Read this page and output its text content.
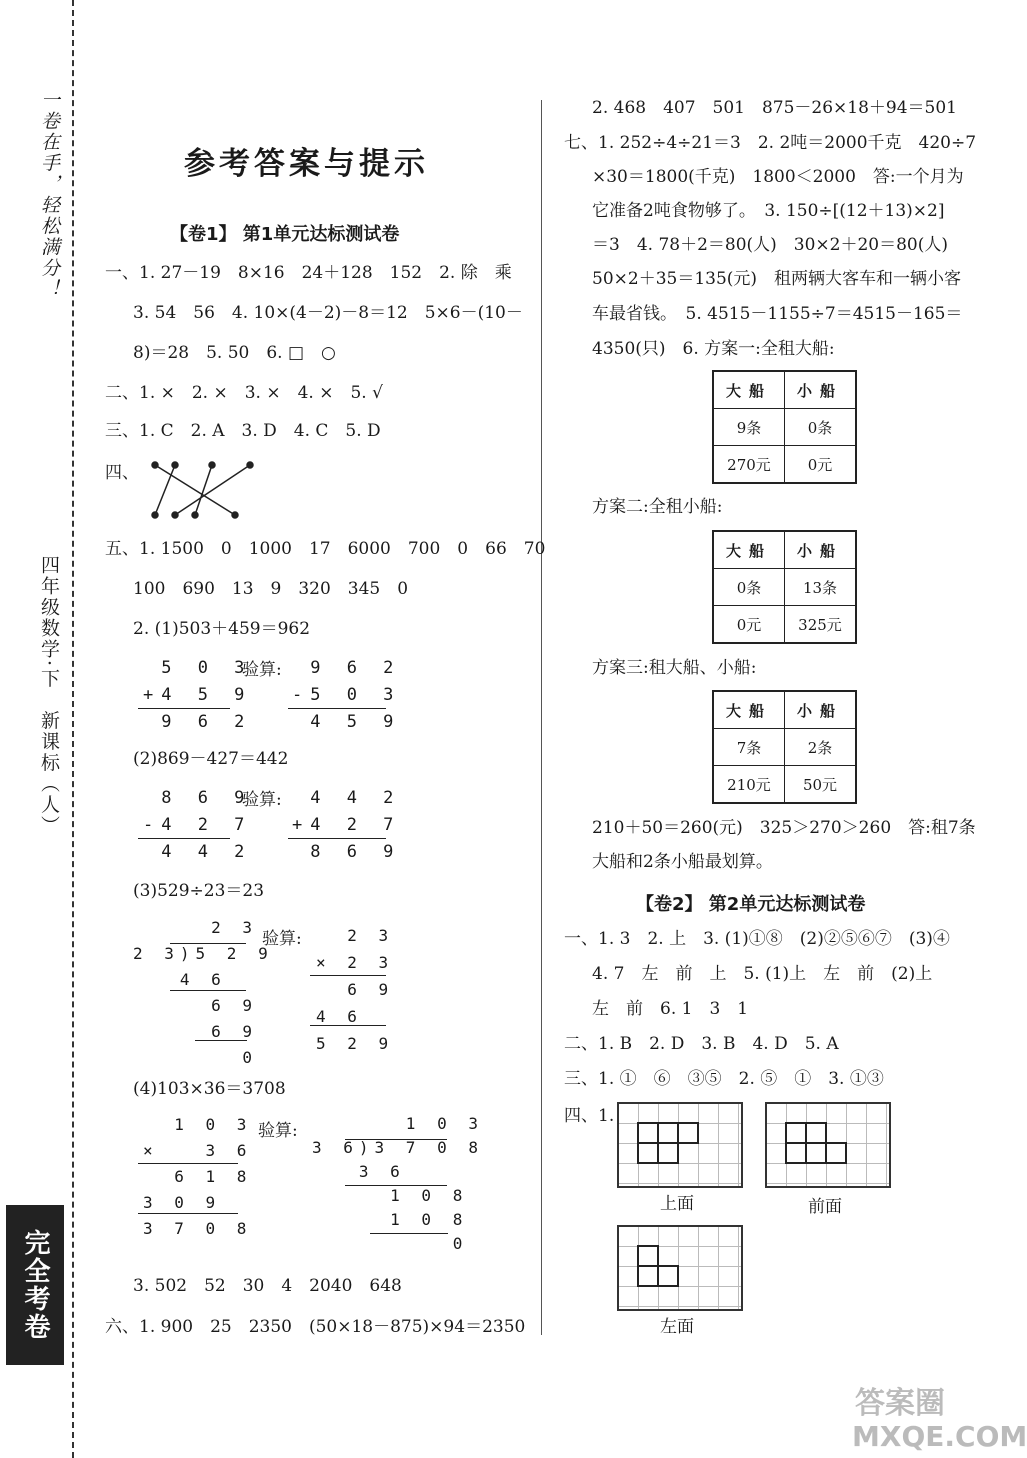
一卷在手，轻松满分！
四年级数学·下　新课标（人）
完全考卷
参考答案与提示
【卷1】 第1单元达标测试卷
一、1. 27－19　8×16　24＋128　152　2. 除　乘
3. 54　56　4. 10×(4－2)－8＝12　5×6－(10－
8)＝28　5. 50　6. □　○
二、1. ×　2. ×　3. ×　4. ×　5. √
三、1. C　2. A　3. D　4. C　5. D
四、
五、1. 1500　0　1000　17　6000　700　0　66　70
100　690　13　9　320　345　0
2. (1)503＋459＝962
5 0 3
+4 5 9
9 6 2
验算:	9 6 2
-5 0 3
4 5 9
(2)869－427＝442
8 6 9
-4 2 7
4 4 2
验算:	4 4 2
+4 2 7
8 6 9
(3)529÷23＝23
2 3
2 3)5 2 9
4 6
6 9
6 9
0
验算:	2 3
× 2 3
6 9
4 6
5 2 9
(4)103×36＝3708
1 0 3
×   3 6
6 1 8
3 0 9
3 7 0 8
验算:	1 0 3
3 6)3 7 0 8
3 6
1 0 8
1 0 8
0
3. 502　52　30　4　2040　648
六、1. 900　25　2350　(50×18－875)×94＝2350
2. 468　407　501　875－26×18＋94＝501
七、1. 252÷4÷21＝3　2. 2吨＝2000千克　420÷7
×30＝1800(千克)　1800＜2000　答:一个月为
它准备2吨食物够了。　3. 150÷[(12＋13)×2]
＝3　4. 78＋2＝80(人)　30×2＋20＝80(人)
50×2＋35＝135(元)　租两辆大客车和一辆小客
车最省钱。　5. 4515－1155÷7＝4515－165＝
4350(只)　6. 方案一:全租大船:
大船	小船
9条	0条
270元	0元
方案二:全租小船:
大船	小船
0条	13条
0元	325元
方案三:租大船、小船:
大船	小船
7条	2条
210元	50元
210＋50＝260(元)　325＞270＞260　答:租7条
大船和2条小船最划算。
【卷2】 第2单元达标测试卷
一、1. 3　2. 上　3. (1)①⑧　(2)②⑤⑥⑦　(3)④
4. 7　左　前　上　5. (1)上　左　前　(2)上
左　前　6. 1　3　1
二、1. B　2. D　3. B　4. D　5. A
三、1. ①　⑥　③⑤　2. ⑤　①　3. ①③
四、1.
上面	前面
左面
答案圈
MXQE.COM
